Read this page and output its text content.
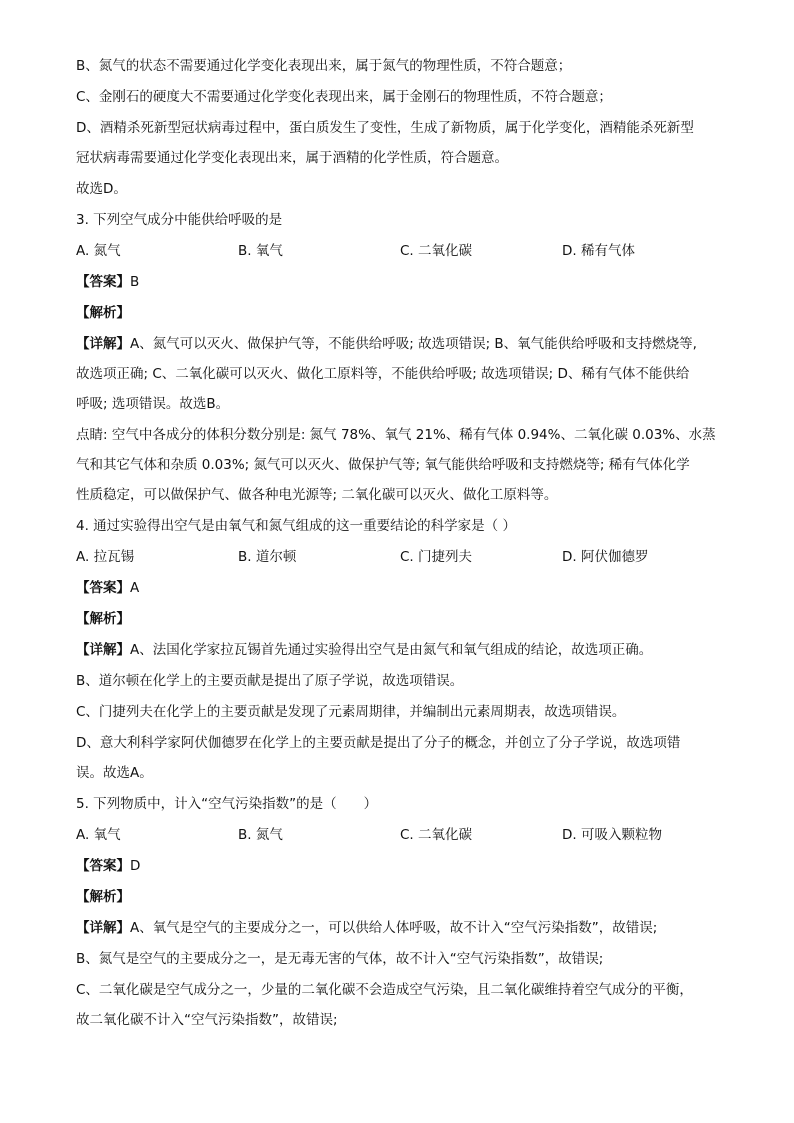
B、氮气的状态不需要通过化学变化表现出来，属于氮气的物理性质，不符合题意；

C、金刚石的硬度大不需要通过化学变化表现出来，属于金刚石的物理性质，不符合题意；

D、酒精杀死新型冠状病毒过程中，蛋白质发生了变性，生成了新物质，属于化学变化，酒精能杀死新型

冠状病毒需要通过化学变化表现出来，属于酒精的化学性质，符合题意。

故选D。

3. 下列空气成分中能供给呼吸的是

A. 氮气	B. 氧气	C. 二氧化碳	D. 稀有气体

【答案】B

【解析】

【详解】A、氮气可以灭火、做保护气等，不能供给呼吸; 故选项错误; B、氧气能供给呼吸和支持燃烧等,

故选项正确; C、二氧化碳可以灭火、做化工原料等，不能供给呼吸; 故选项错误; D、稀有气体不能供给

呼吸; 选项错误。故选B。

点睛: 空气中各成分的体积分数分别是: 氮气 78%、氧气 21%、稀有气体 0.94%、二氧化碳 0.03%、水蒸

气和其它气体和杂质 0.03%; 氮气可以灭火、做保护气等; 氧气能供给呼吸和支持燃烧等; 稀有气体化学

性质稳定，可以做保护气、做各种电光源等; 二氧化碳可以灭火、做化工原料等。

4. 通过实验得出空气是由氧气和氮气组成的这一重要结论的科学家是（ ）

A. 拉瓦锡	B. 道尔顿	C. 门捷列夫	D. 阿伏伽德罗

【答案】A

【解析】

【详解】A、法国化学家拉瓦锡首先通过实验得出空气是由氮气和氧气组成的结论，故选项正确。

B、道尔顿在化学上的主要贡献是提出了原子学说，故选项错误。

C、门捷列夫在化学上的主要贡献是发现了元素周期律，并编制出元素周期表，故选项错误。

D、意大利科学家阿伏伽德罗在化学上的主要贡献是提出了分子的概念，并创立了分子学说，故选项错

误。故选A。

5. 下列物质中，计入“空气污染指数”的是（　　）

A. 氧气	B. 氮气	C. 二氧化碳	D. 可吸入颗粒物

【答案】D

【解析】

【详解】A、氧气是空气的主要成分之一，可以供给人体呼吸，故不计入“空气污染指数”，故错误;

B、氮气是空气的主要成分之一，是无毒无害的气体，故不计入“空气污染指数”，故错误;

C、二氧化碳是空气成分之一，少量的二氧化碳不会造成空气污染，且二氧化碳维持着空气成分的平衡，

故二氧化碳不计入“空气污染指数”，故错误;
